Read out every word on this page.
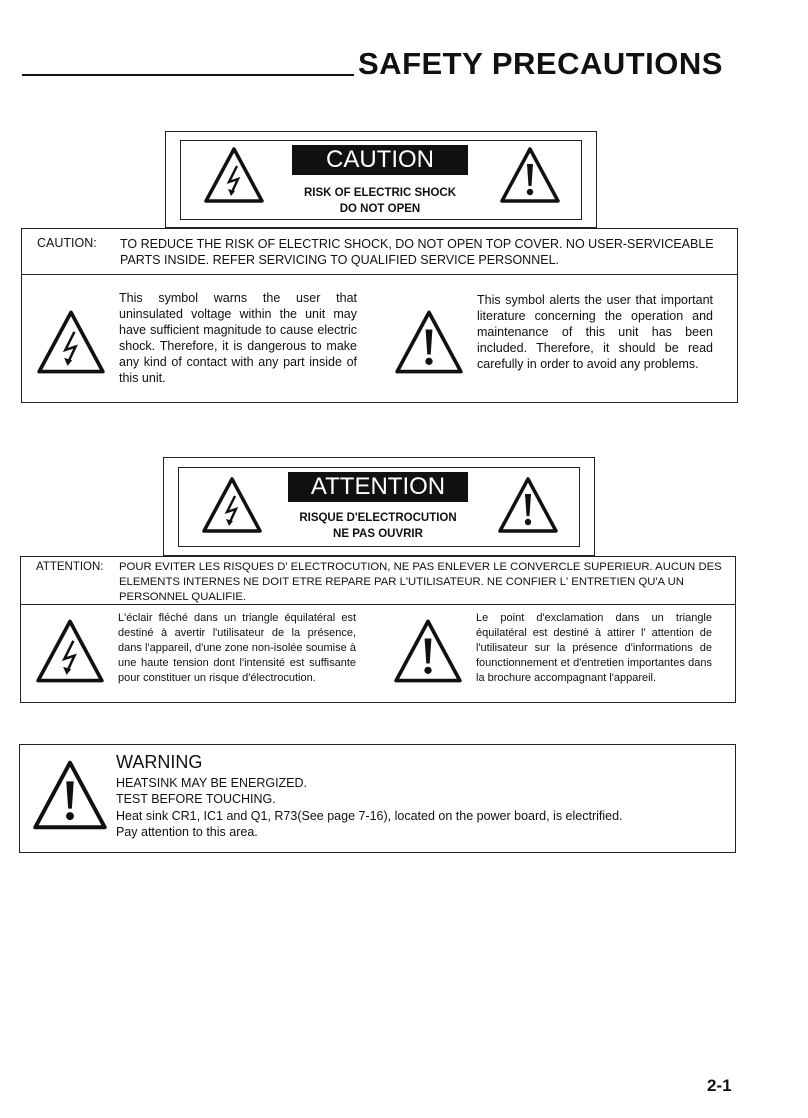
SAFETY PRECAUTIONS
CAUTION
RISK OF ELECTRIC SHOCK
DO NOT OPEN
CAUTION: TO REDUCE THE RISK OF ELECTRIC SHOCK, DO NOT OPEN TOP COVER. NO USER-SERVICEABLE PARTS INSIDE. REFER SERVICING TO QUALIFIED SERVICE PERSONNEL.
This symbol warns the user that uninsulated voltage within the unit may have sufficient magnitude to cause electric shock. Therefore, it is dangerous to make any kind of contact with any part inside of this unit.
This symbol alerts the user that important literature concerning the operation and maintenance of this unit has been included. Therefore, it should be read carefully in order to avoid any problems.
ATTENTION
RISQUE D'ELECTROCUTION
NE PAS OUVRIR
ATTENTION: POUR EVITER LES RISQUES D' ELECTROCUTION, NE PAS ENLEVER LE CONVERCLE SUPERIEUR. AUCUN DES ELEMENTS INTERNES NE DOIT ETRE REPARE PAR L'UTILISATEUR. NE CONFIER L' ENTRETIEN QU'A UN PERSONNEL QUALIFIE.
L'éclair fléché dans un triangle équilatéral est destiné à avertir l'utilisateur de la présence, dans l'appareil, d'une zone non-isolée soumise à une haute tension dont l'intensité est suffisante pour constituer un risque d'électrocution.
Le point d'exclamation dans un triangle équilatéral est destiné à attirer l' attention de l'utilisateur sur la présence d'informations de founctionnement et d'entretien importantes dans la brochure accompagnant l'appareil.
WARNING
HEATSINK MAY BE ENERGIZED.
TEST BEFORE TOUCHING.
Heat sink CR1, IC1 and Q1, R73(See page 7-16), located on the power board, is electrified.
Pay attention to this area.
2-1
